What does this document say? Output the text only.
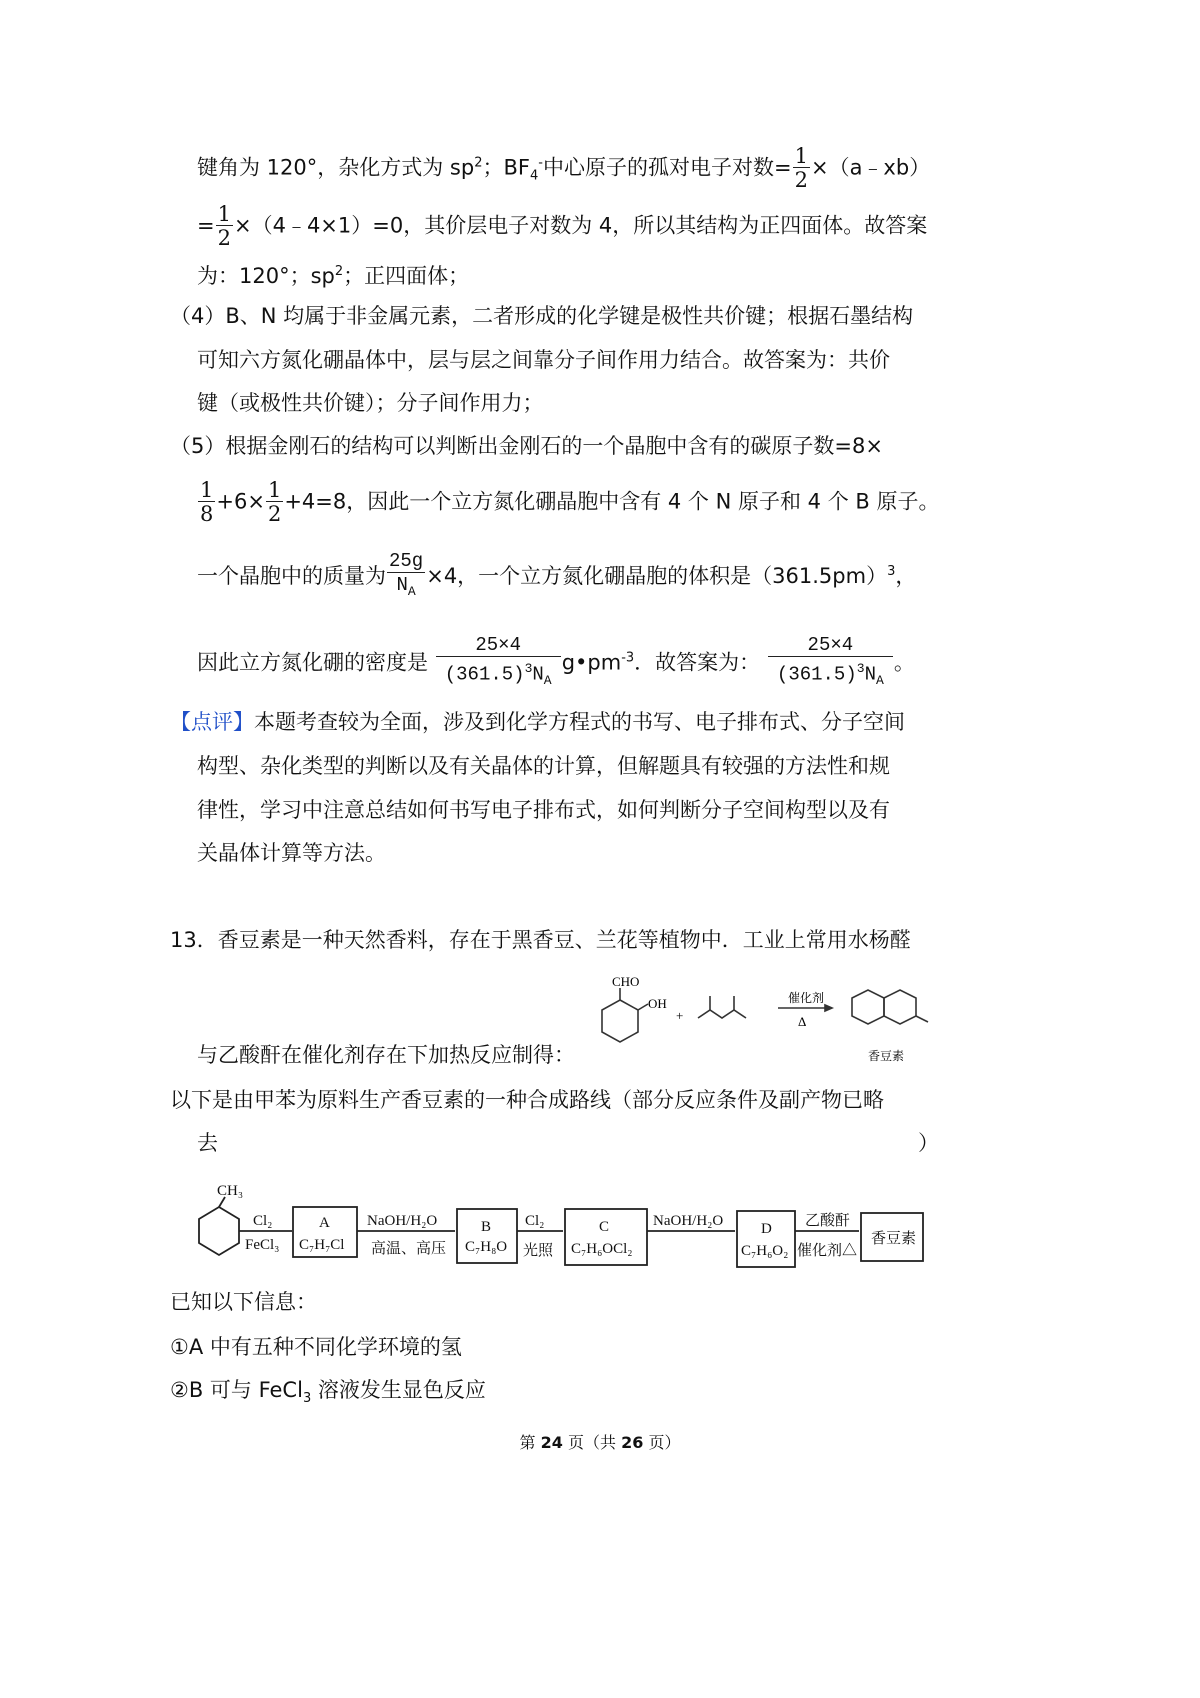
键角为 120°，杂化方式为 $sp^2$；$BF_4^-$中心原子的孤对电子对数= $\frac{1}{2}$ ×（a﹣xb）
= $\frac{1}{2}$ ×（4﹣4×1）=0，其价层电子对数为 4，所以其结构为正四面体。故答案
为：120°；$sp^2$；正四面体；
（4）B、N 均属于非金属元素，二者形成的化学键是极性共价键；根据石墨结构
可知六方氮化硼晶体中，层与层之间靠分子间作用力结合。故答案为：共价
键（或极性共价键）；分子间作用力；
（5）根据金刚石的结构可以判断出金刚石的一个晶胞中含有的碳原子数=8×
$\frac{1}{8} +6\times \frac{1}{2} +4=8$，因此一个立方氮化硼晶胞中含有 4 个 N 原子和 4 个 B 原子。
一个晶胞中的质量为 $\frac{25g}{N_A} \times 4$，一个立方氮化硼晶胞的体积是$(361.5pm)^3$，
因此立方氮化硼的密度是 $\frac{25\times 4}{(361.5)^3N_A}$ $g•pm^{-3}$．故答案为： $\frac{25\times 4}{(361.5)^3N_A}$ 。
【点评】本题考查较为全面，涉及到化学方程式的书写、电子排布式、分子空间
构型、杂化类型的判断以及有关晶体的计算，但解题具有较强的方法性和规
律性，学习中注意总结如何书写电子排布式，如何判断分子空间构型以及有
关晶体计算等方法。
13．香豆素是一种天然香料，存在于黑香豆、兰花等植物中．工业上常用水杨醛
CHO
OH
+
催化剂
Δ
香豆素
与乙酸酐在催化剂存在下加热反应制得：
以下是由甲苯为原料生产香豆素的一种合成路线（部分反应条件及副产物已略
去	）
CH₃
Cl₂
FeCl₃
A
C₇H₇Cl
NaOH/H₂O
高温、高压
B
C₇H₈O
Cl₂
光照
C
C₇H₆OCl₂
NaOH/H₂O	D
C₇H₆O₂
乙酸酐
催化剂△
香豆素
已知以下信息：
①A 中有五种不同化学环境的氢
②B 可与 FeCl$_3$ 溶液发生显色反应
第 24 页（共 26 页）
